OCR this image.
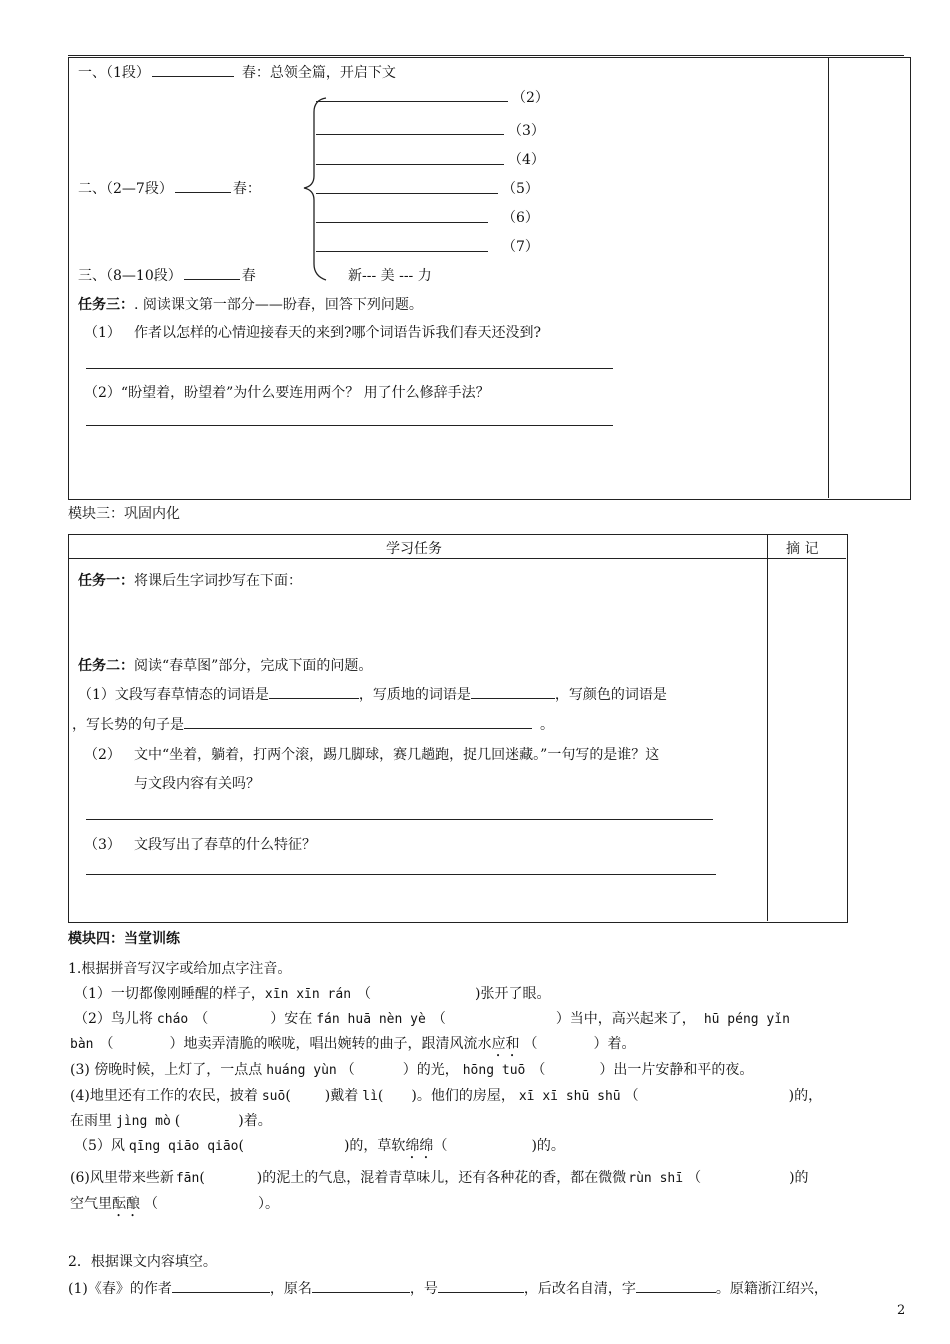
一、（1段）	春：总领全篇，开启下文
（2）
（3）
（4）
（5）
（6）
（7）
二、（2—7段）	春：
三、（8—10段）	春	新--- 美 --- 力
任务三：. 阅读课文第一部分——盼春，回答下列问题。
（1） 作者以怎样的心情迎接春天的来到?哪个词语告诉我们春天还没到?
（2）“盼望着，盼望着”为什么要连用两个？ 用了什么修辞手法？
模块三：巩固内化
学习任务	摘 记
任务一：将课后生字词抄写在下面：
任务二：阅读“春草图”部分，完成下面的问题。
（1）文段写春草情态的词语是	，写质地的词语是	，写颜色的词语是
，写长势的句子是	。
（2） 文中“坐着，躺着，打两个滚，踢几脚球，赛几趟跑，捉几回迷藏。”一句写的是谁？这
与文段内容有关吗？
（3） 文段写出了春草的什么特征？
模块四：当堂训练
1.根据拼音写汉字或给加点字注音。
（1）一切都像刚睡醒的样子，xīn xīn rán （	)张开了眼。
（2）鸟儿将 cháo （	）安在 fán huā nèn yè （	）当中，高兴起来了， hū péng yǐn
bàn （	）地卖弄清脆的喉咙，唱出婉转的曲子，跟清风流水应和 （	）着。
(3) 傍晚时候，上灯了，一点点 huáng yùn （	）的光， hōng tuō （	）出一片安静和平的夜。
(4)地里还有工作的农民，披着 suō( )戴着 lì( )。他们的房屋， xī xī shū shū （	)的，
在雨里 jìng mò (	)着。
（5）风 qīng qiāo qiāo(	)的，草软绵绵（	)的。
(6)风里带来些新 fān(	)的泥土的气息，混着青草味儿，还有各种花的香，都在微微 rùn shī （	)的
空气里酝酿 （	）。
2．根据课文内容填空。
(1)《春》的作者	，原名	，号	，后改名自清，字	。原籍浙江绍兴，
2
